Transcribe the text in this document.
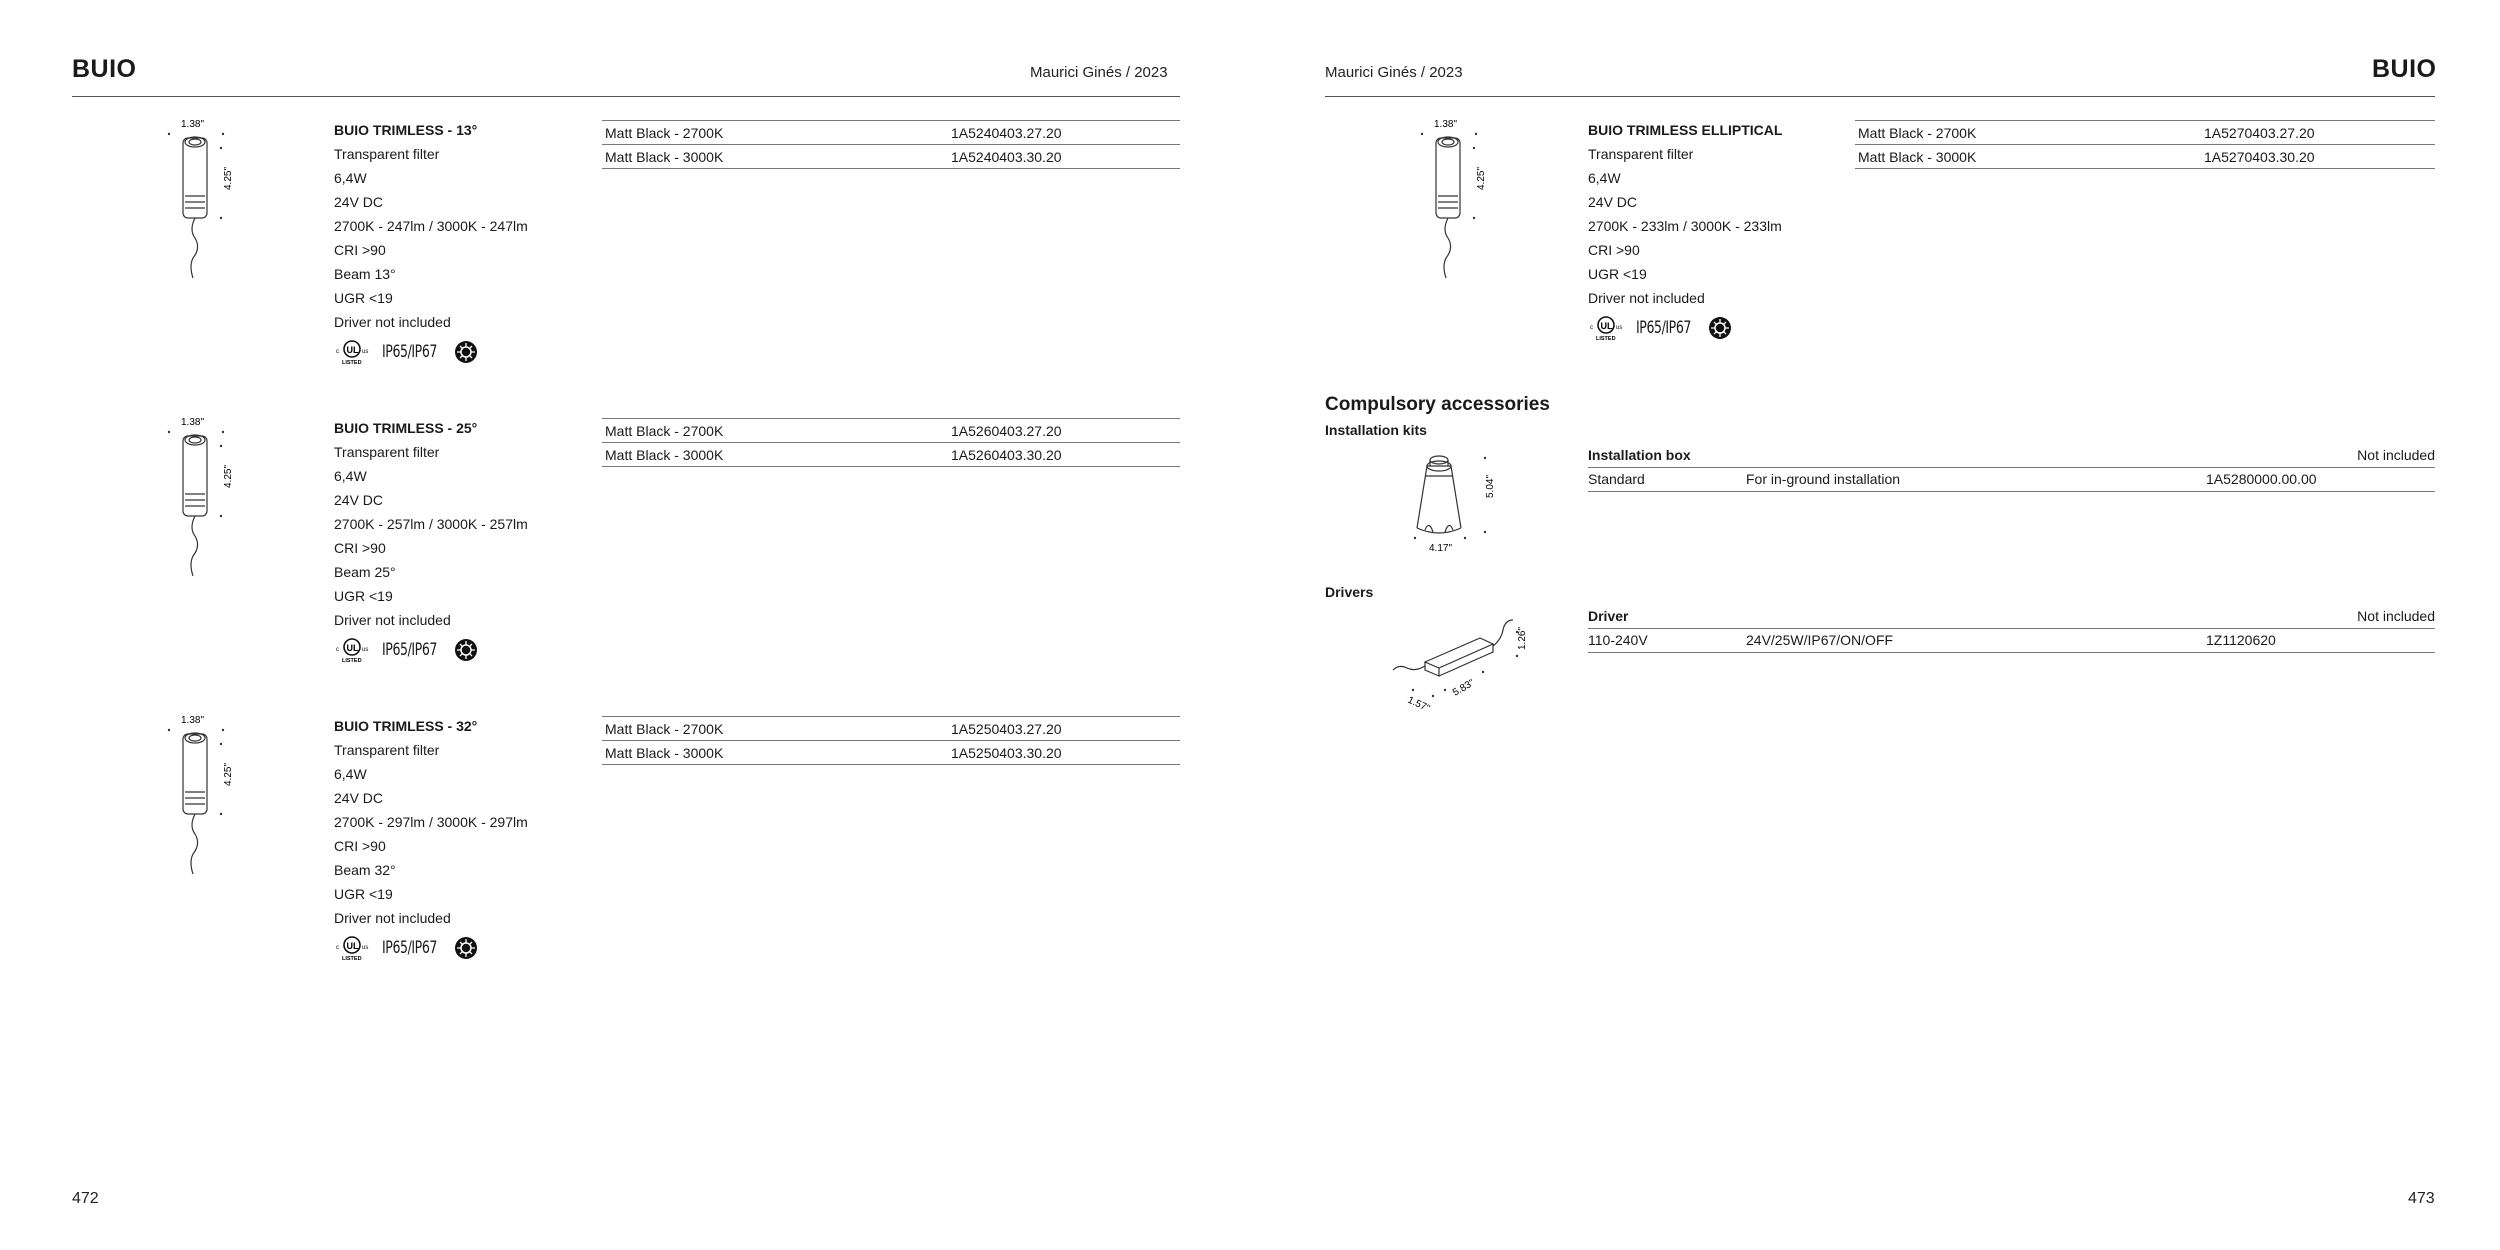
BUIO	Maurici Ginés / 2023
1.38"
4.25"
BUIO TRIMLESS - 13°
Transparent filter
6,4W
24V DC
2700K - 247lm / 3000K - 247lm
CRI >90
Beam 13°
UGR <19
Driver not included
UL
c	us
LISTED
IP65/IP67
Matt Black - 2700K	1A5240403.27.20
Matt Black - 3000K	1A5240403.30.20
1.38"
4.25"
BUIO TRIMLESS - 25°
Transparent filter
6,4W
24V DC
2700K - 257lm / 3000K - 257lm
CRI >90
Beam 25°
UGR <19
Driver not included
UL
c	us
LISTED
IP65/IP67
Matt Black - 2700K	1A5260403.27.20
Matt Black - 3000K	1A5260403.30.20
1.38"
4.25"
BUIO TRIMLESS - 32°
Transparent filter
6,4W
24V DC
2700K - 297lm / 3000K - 297lm
CRI >90
Beam 32°
UGR <19
Driver not included
UL
c	us
LISTED
IP65/IP67
Matt Black - 2700K	1A5250403.27.20
Matt Black - 3000K	1A5250403.30.20
472
Maurici Ginés / 2023	BUIO
1.38"
4.25"
BUIO TRIMLESS ELLIPTICAL
Transparent filter
6,4W
24V DC
2700K - 233lm / 3000K - 233lm
CRI >90
UGR <19
Driver not included
UL
c	us
LISTED
IP65/IP67
Matt Black - 2700K	1A5270403.27.20
Matt Black - 3000K	1A5270403.30.20
Compulsory accessories
Installation kits
5.04"
4.17"
Installation box			Not included
Standard	For in-ground installation	1A5280000.00.00	
Drivers
1.26"
5.83"
1.57"
Driver			Not included
110-240V	24V/25W/IP67/ON/OFF	1Z1120620	
473
